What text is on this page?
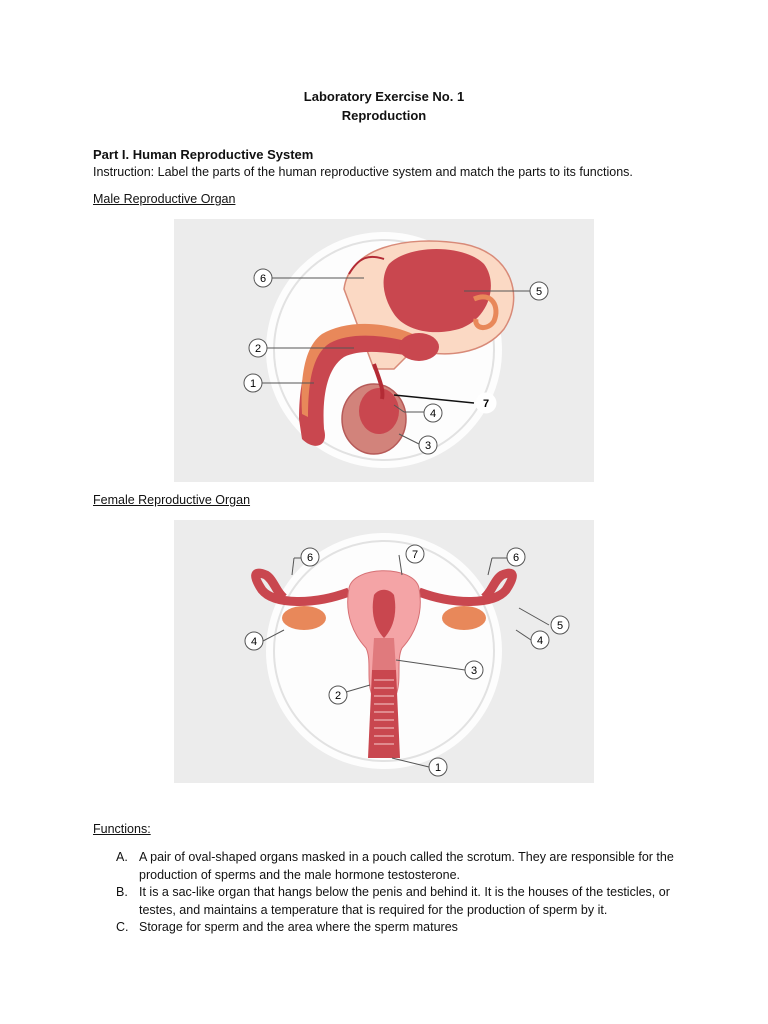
Laboratory Exercise No. 1
Reproduction
Part I. Human Reproductive System
Instruction: Label the parts of the human reproductive system and match the parts to its functions.
Male Reproductive Organ
6
5
2
1
7
4
3
Female Reproductive Organ
6	7	6
4
5
4
3
2
1
Functions:
A. A pair of oval-shaped organs masked in a pouch called the scrotum. They are responsible for the production of sperms and the male hormone testosterone.
B. It is a sac-like organ that hangs below the penis and behind it. It is the houses of the testicles, or testes, and maintains a temperature that is required for the production of sperm by it.
C. Storage for sperm and the area where the sperm matures
